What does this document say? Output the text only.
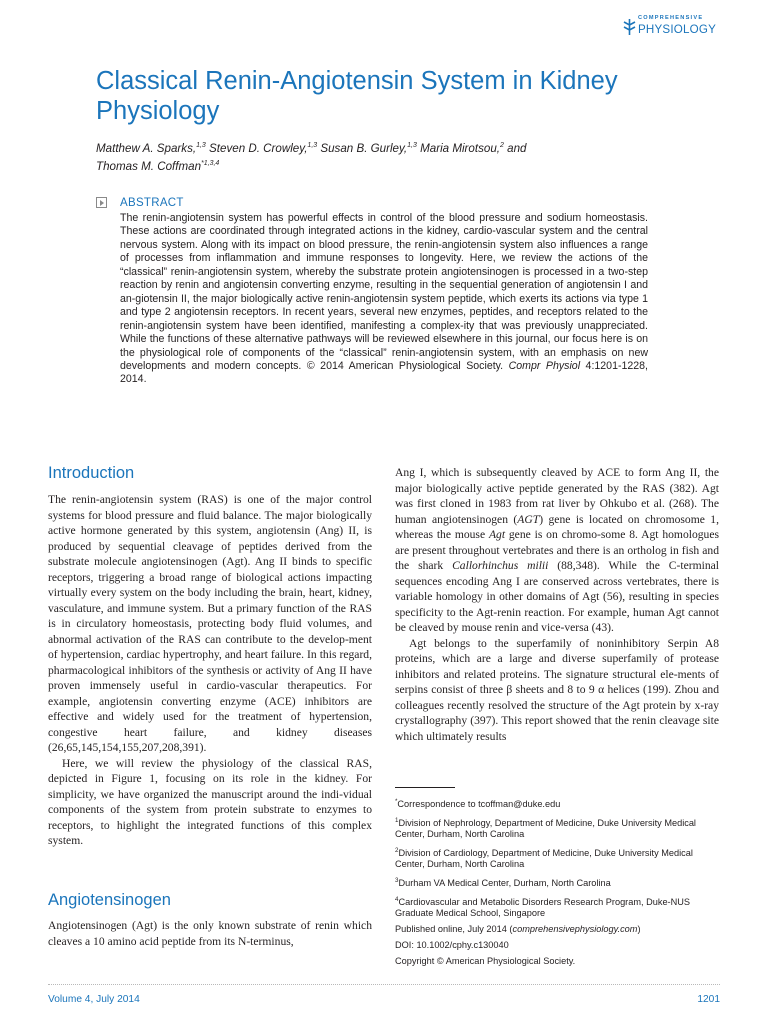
COMPREHENSIVE
PHYSIOLOGY
Classical Renin-Angiotensin System in Kidney Physiology
Matthew A. Sparks,$^{1,3}$ Steven D. Crowley,$^{1,3}$ Susan B. Gurley,$^{1,3}$ Maria Mirotsou,$^2$ and
Thomas M. Coffman$^{*1,3,4}$
ABSTRACT
The renin-angiotensin system has powerful effects in control of the blood pressure and sodium homeostasis. These actions are coordinated through integrated actions in the kidney, cardio-vascular system and the central nervous system. Along with its impact on blood pressure, the renin-angiotensin system also influences a range of processes from inflammation and immune responses to longevity. Here, we review the actions of the “classical” renin-angiotensin system, whereby the substrate protein angiotensinogen is processed in a two-step reaction by renin and angiotensin converting enzyme, resulting in the sequential generation of angiotensin I and an-giotensin II, the major biologically active renin-angiotensin system peptide, which exerts its actions via type 1 and type 2 angiotensin receptors. In recent years, several new enzymes, peptides, and receptors related to the renin-angiotensin system have been identified, manifesting a complex-ity that was previously unappreciated. While the functions of these alternative pathways will be reviewed elsewhere in this journal, our focus here is on the physiological role of components of the “classical” renin-angiotensin system, with an emphasis on new developments and modern concepts. © 2014 American Physiological Society. Compr Physiol 4:1201-1228, 2014.
Introduction

The renin-angiotensin system (RAS) is one of the major control systems for blood pressure and fluid balance. The major biologically active hormone generated by this system, angiotensin (Ang) II, is produced by sequential cleavage of peptides derived from the substrate molecule angiotensinogen (Agt). Ang II binds to specific receptors, triggering a broad range of biological actions impacting virtually every system on the body including the brain, heart, kidney, vasculature, and immune system. But a primary function of the RAS is in circulatory homeostasis, protecting body fluid volumes, and abnormal activation of the RAS can contribute to the develop-ment of hypertension, cardiac hypertrophy, and heart failure. In this regard, pharmacological inhibitors of the synthesis or activity of Ang II have proven immensely useful in cardio-vascular therapeutics. For example, angiotensin converting enzyme (ACE) inhibitors are effective and widely used for the treatment of hypertension, congestive heart failure, and kidney diseases (26,65,145,154,155,207,208,391).

Here, we will review the physiology of the classical RAS, depicted in Figure 1, focusing on its role in the kidney. For simplicity, we have organized the manuscript around the indi-vidual components of the system from protein substrate to enzymes to receptors, to highlight the integrated functions of this complex system.

Angiotensinogen

Angiotensinogen (Agt) is the only known substrate of renin which cleaves a 10 amino acid peptide from its N-terminus,

Ang I, which is subsequently cleaved by ACE to form Ang II, the major biologically active peptide generated by the RAS (382). Agt was first cloned in 1983 from rat liver by Ohkubo et al. (268). The human angiotensinogen (AGT) gene is located on chromosome 1, whereas the mouse Agt gene is on chromo-some 8. Agt homologues are present throughout vertebrates and there is an ortholog in fish and the shark Callorhinchus milii (88,348). While the C-terminal sequences encoding Ang I are conserved across vertebrates, there is variable homology in other domains of Agt (56), resulting in species specificity to the Agt-renin reaction. For example, human Agt cannot be cleaved by mouse renin and vice-versa (43).

Agt belongs to the superfamily of noninhibitory Serpin A8 proteins, which are a large and diverse superfamily of protease inhibitors and related proteins. The signature structural ele-ments of serpins consist of three β sheets and 8 to 9 α helices (199). Zhou and colleagues recently resolved the structure of the Agt protein by x-ray crystallography (397). This report showed that the renin cleavage site which ultimately results

*Correspondence to tcoffman@duke.edu
$^1$Division of Nephrology, Department of Medicine, Duke University Medical Center, Durham, North Carolina
$^2$Division of Cardiology, Department of Medicine, Duke University Medical Center, Durham, North Carolina
$^3$Durham VA Medical Center, Durham, North Carolina
$^4$Cardiovascular and Metabolic Disorders Research Program, Duke-NUS Graduate Medical School, Singapore
Published online, July 2014 (comprehensivephysiology.com)
DOI: 10.1002/cphy.c130040
Copyright © American Physiological Society.
Volume 4, July 2014	1201
